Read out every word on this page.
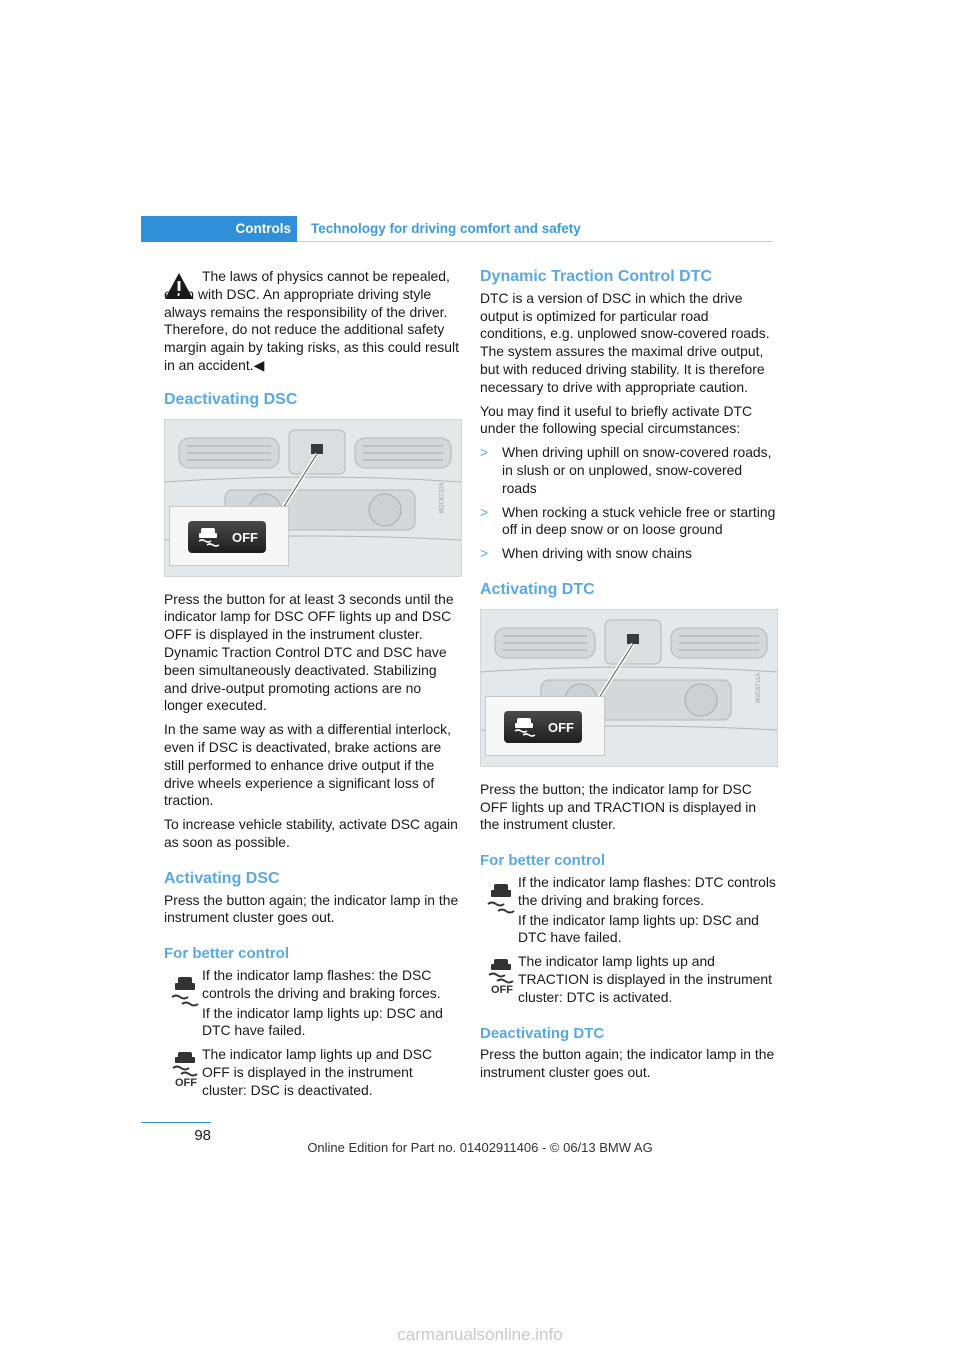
Controls	Technology for driving comfort and safety

The laws of physics cannot be repealed, even with DSC. An appropriate driving style always remains the responsibility of the driver. Therefore, do not reduce the additional safety margin again by taking risks, as this could result in an accident.◀

Deactivating DSC
OFF
W2C6710A

Press the button for at least 3 seconds until the indicator lamp for DSC OFF lights up and DSC OFF is displayed in the instrument cluster. Dynamic Traction Control DTC and DSC have been simultaneously deactivated. Stabilizing and drive-output promoting actions are no longer executed.

In the same way as with a differential interlock, even if DSC is deactivated, brake actions are still performed to enhance drive output if the drive wheels experience a significant loss of traction.

To increase vehicle stability, activate DSC again as soon as possible.

Activating DSC

Press the button again; the indicator lamp in the instrument cluster goes out.

For better control

If the indicator lamp flashes: the DSC controls the driving and braking forces.

If the indicator lamp lights up: DSC and DTC have failed.

OFF

The indicator lamp lights up and DSC OFF is displayed in the instrument cluster: DSC is deactivated.

Dynamic Traction Control DTC

DTC is a version of DSC in which the drive output is optimized for particular road conditions, e.g. unplowed snow-covered roads. The system assures the maximal drive output, but with reduced driving stability. It is therefore necessary to drive with appropriate caution.

You may find it useful to briefly activate DTC under the following special circumstances:

> When driving uphill on snow-covered roads, in slush or on unplowed, snow-covered roads
> When rocking a stuck vehicle free or starting off in deep snow or on loose ground
> When driving with snow chains
Activating DTC
OFF
W2C6711A

Press the button; the indicator lamp for DSC OFF lights up and TRACTION is displayed in the instrument cluster.

For better control

If the indicator lamp flashes: DTC controls the driving and braking forces.

If the indicator lamp lights up: DSC and DTC have failed.

OFF

The indicator lamp lights up and TRACTION is displayed in the instrument cluster: DTC is activated.

Deactivating DTC

Press the button again; the indicator lamp in the instrument cluster goes out.

98
Online Edition for Part no. 01402911406 - © 06/13 BMW AG
carmanualsonline.info
